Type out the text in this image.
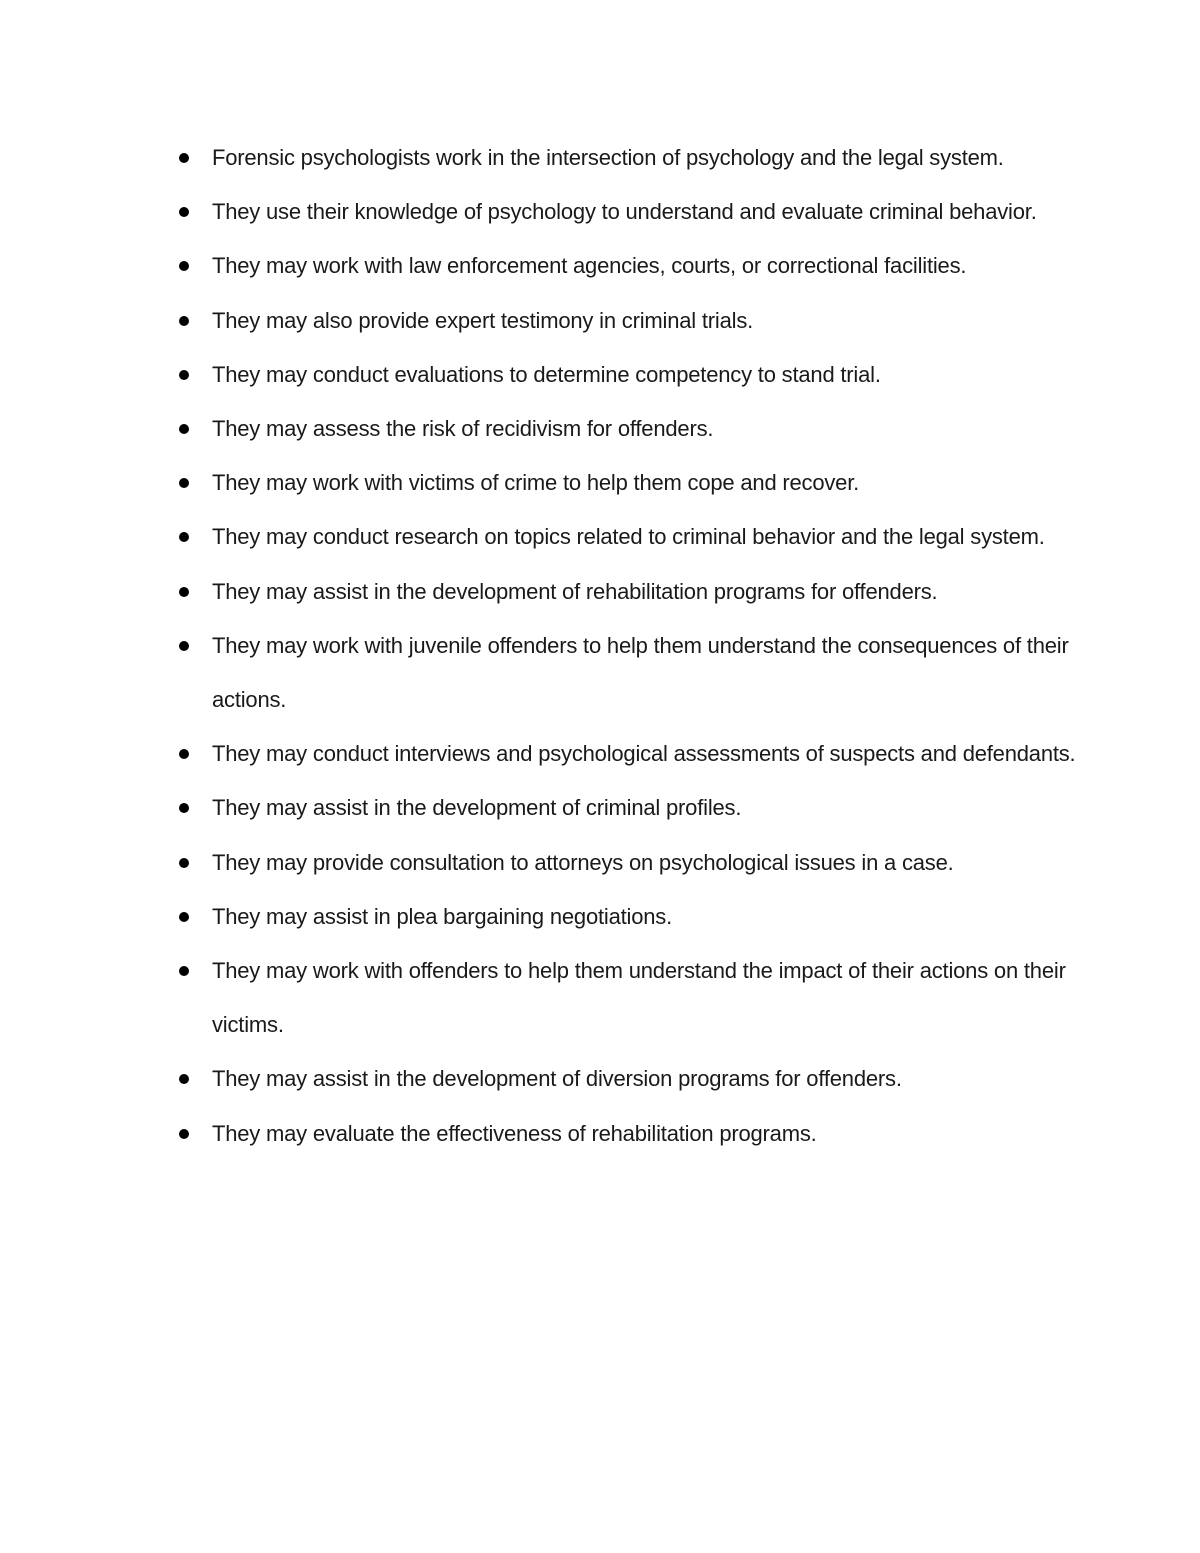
Forensic psychologists work in the intersection of psychology and the legal system.
They use their knowledge of psychology to understand and evaluate criminal behavior.
They may work with law enforcement agencies, courts, or correctional facilities.
They may also provide expert testimony in criminal trials.
They may conduct evaluations to determine competency to stand trial.
They may assess the risk of recidivism for offenders.
They may work with victims of crime to help them cope and recover.
They may conduct research on topics related to criminal behavior and the legal system.
They may assist in the development of rehabilitation programs for offenders.
They may work with juvenile offenders to help them understand the consequences of their actions.
They may conduct interviews and psychological assessments of suspects and defendants.
They may assist in the development of criminal profiles.
They may provide consultation to attorneys on psychological issues in a case.
They may assist in plea bargaining negotiations.
They may work with offenders to help them understand the impact of their actions on their victims.
They may assist in the development of diversion programs for offenders.
They may evaluate the effectiveness of rehabilitation programs.
